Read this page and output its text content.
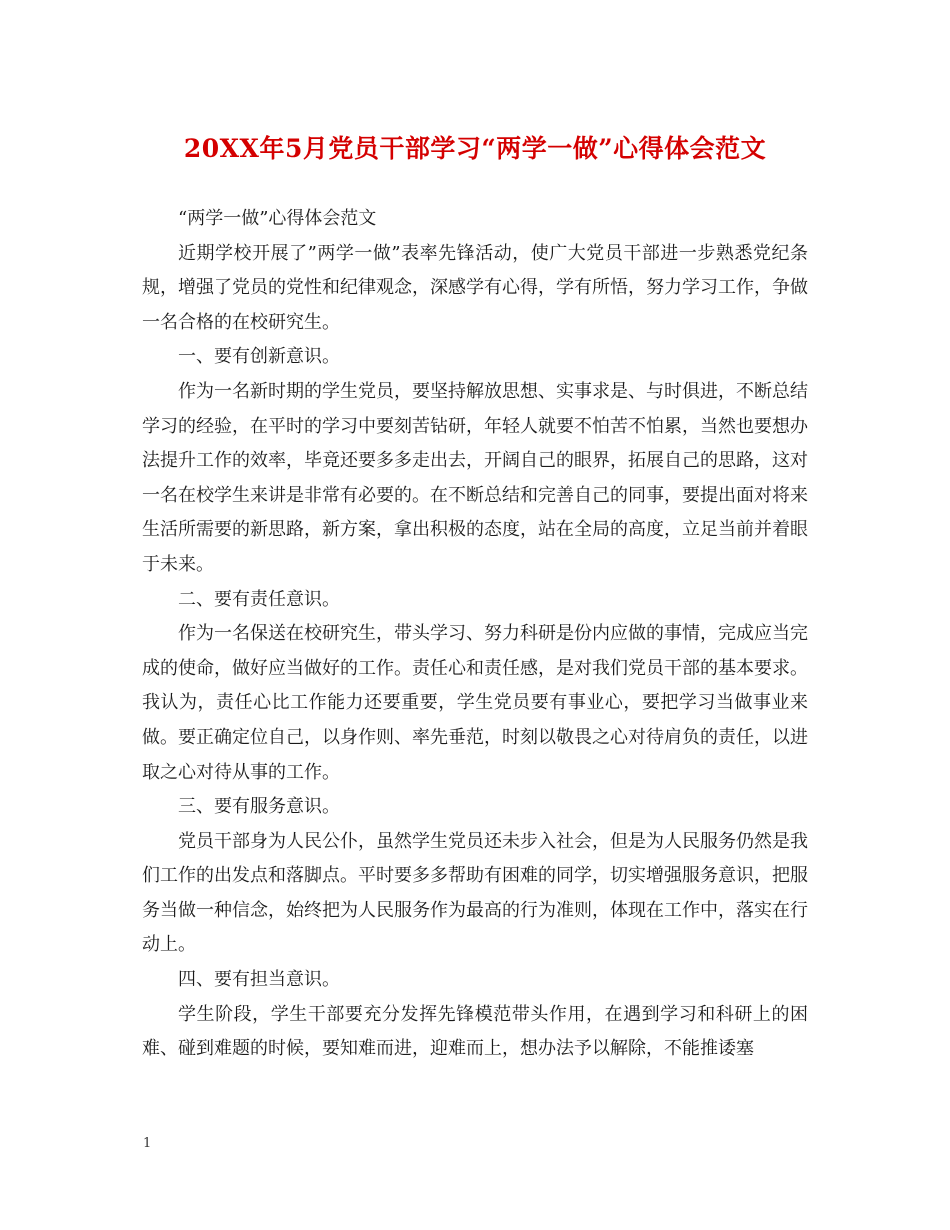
20XX年5月党员干部学习“两学一做”心得体会范文

“两学一做”心得体会范文

近期学校开展了”两学一做”表率先锋活动，使广大党员干部进一步熟悉党纪条规，增强了党员的党性和纪律观念，深感学有心得，学有所悟，努力学习工作，争做一名合格的在校研究生。

一、要有创新意识。

作为一名新时期的学生党员，要坚持解放思想、实事求是、与时俱进，不断总结学习的经验，在平时的学习中要刻苦钻研，年轻人就要不怕苦不怕累，当然也要想办法提升工作的效率，毕竟还要多多走出去，开阔自己的眼界，拓展自己的思路，这对一名在校学生来讲是非常有必要的。在不断总结和完善自己的同事，要提出面对将来生活所需要的新思路，新方案，拿出积极的态度，站在全局的高度，立足当前并着眼于未来。

二、要有责任意识。

作为一名保送在校研究生，带头学习、努力科研是份内应做的事情，完成应当完成的使命，做好应当做好的工作。责任心和责任感，是对我们党员干部的基本要求。我认为，责任心比工作能力还要重要，学生党员要有事业心，要把学习当做事业来做。要正确定位自己，以身作则、率先垂范，时刻以敬畏之心对待肩负的责任，以进取之心对待从事的工作。

三、要有服务意识。

党员干部身为人民公仆，虽然学生党员还未步入社会，但是为人民服务仍然是我们工作的出发点和落脚点。平时要多多帮助有困难的同学，切实增强服务意识，把服务当做一种信念，始终把为人民服务作为最高的行为准则，体现在工作中，落实在行动上。

四、要有担当意识。

学生阶段，学生干部要充分发挥先锋模范带头作用，在遇到学习和科研上的困难、碰到难题的时候，要知难而进，迎难而上，想办法予以解除，不能推诿塞

1
